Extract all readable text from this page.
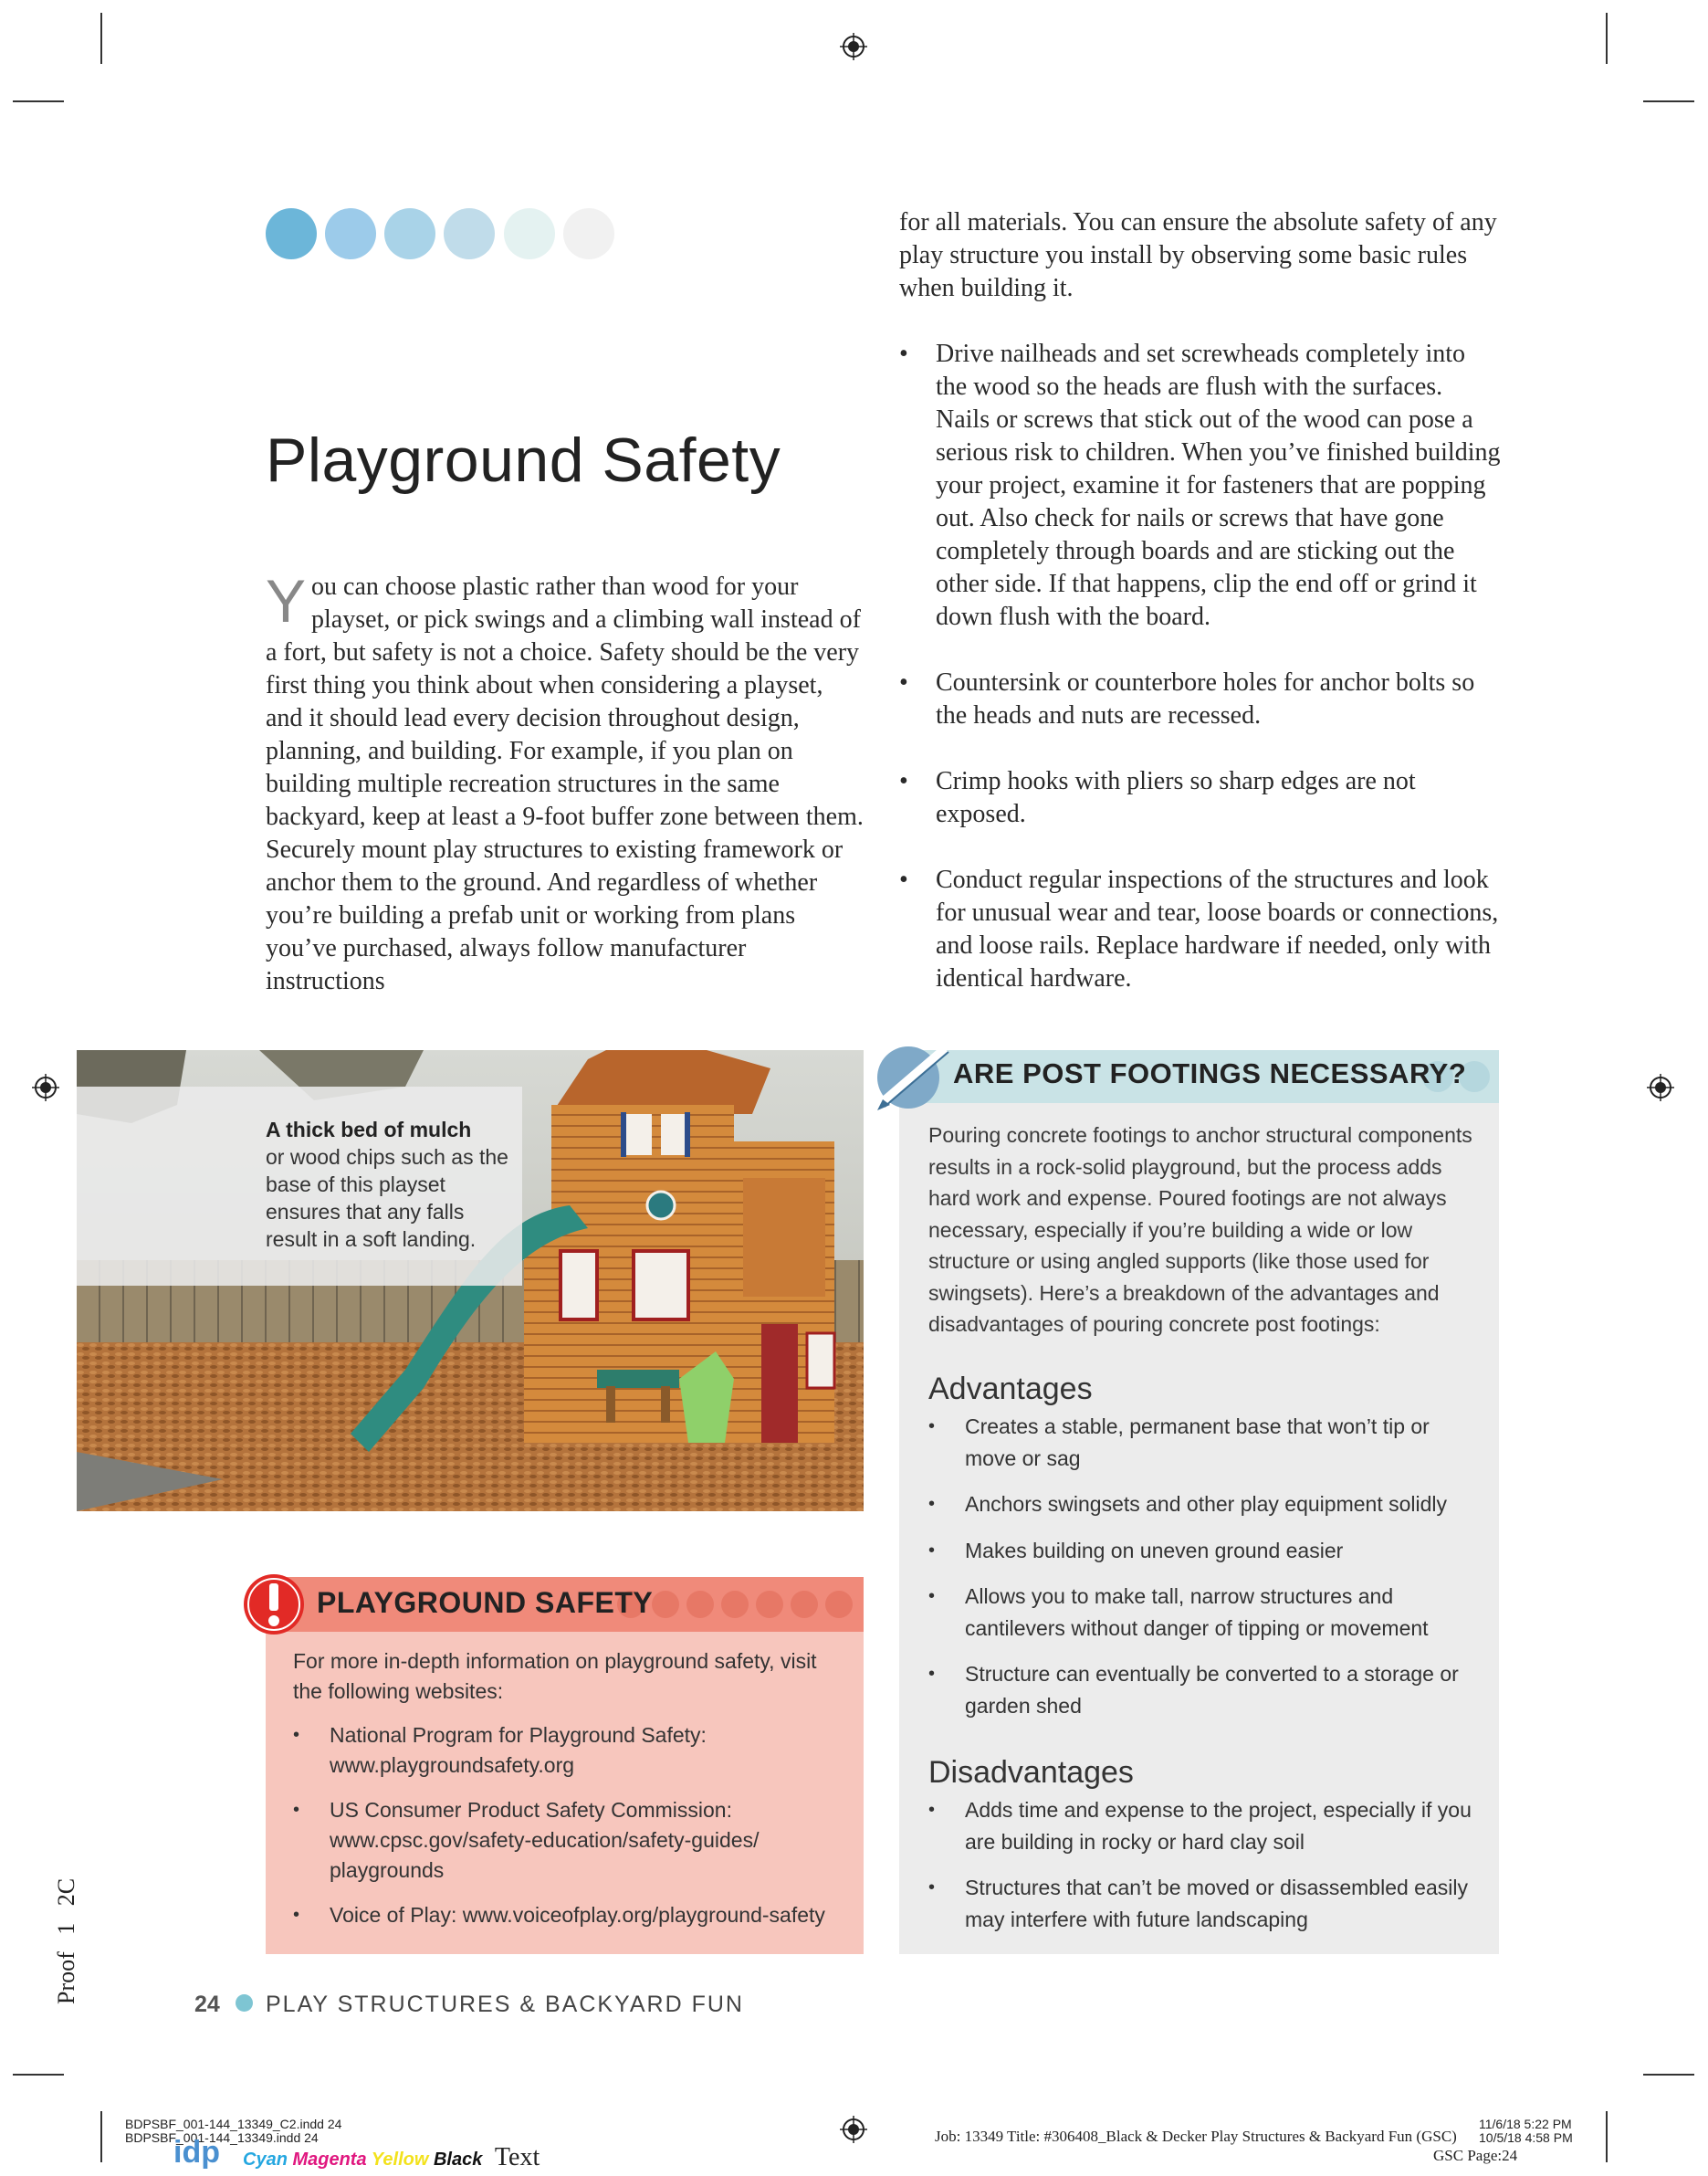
Playground Safety

You can choose plastic rather than wood for your playset, or pick swings and a climbing wall instead of a fort, but safety is not a choice. Safety should be the very first thing you think about when considering a playset, and it should lead every decision throughout design, planning, and building. For example, if you plan on building multiple recreation structures in the same backyard, keep at least a 9-foot buffer zone between them. Securely mount play structures to existing framework or anchor them to the ground. And regardless of whether you’re building a prefab unit or working from plans you’ve purchased, always follow manufacturer instructions

for all materials. You can ensure the absolute safety of any play structure you install by observing some basic rules when building it.

• Drive nailheads and set screwheads completely into the wood so the heads are flush with the surfaces. Nails or screws that stick out of the wood can pose a serious risk to children. When you’ve finished building your project, examine it for fasteners that are popping out. Also check for nails or screws that have gone completely through boards and are sticking out the other side. If that happens, clip the end off or grind it down flush with the board.
• Countersink or counterbore holes for anchor bolts so the heads and nuts are recessed.
• Crimp hooks with pliers so sharp edges are not exposed.
• Conduct regular inspections of the structures and look for unusual wear and tear, loose boards or connections, and loose rails. Replace hardware if needed, only with identical hardware.
A thick bed of mulch
or wood chips such as the base of this playset ensures that any falls result in a soft landing.
ARE POST FOOTINGS NECESSARY?
Pouring concrete footings to anchor structural components results in a rock-solid playground, but the process adds hard work and expense. Poured footings are not always necessary, especially if you’re building a wide or low structure or using angled supports (like those used for swingsets). Here’s a breakdown of the advantages and disadvantages of pouring concrete post footings:
Advantages
• Creates a stable, permanent base that won’t tip or move or sag
• Anchors swingsets and other play equipment solidly
• Makes building on uneven ground easier
• Allows you to make tall, narrow structures and cantilevers without danger of tipping or movement
• Structure can eventually be converted to a storage or garden shed
Disadvantages
• Adds time and expense to the project, especially if you are building in rocky or hard clay soil
• Structures that can’t be moved or disassembled easily may interfere with future landscaping
PLAYGROUND SAFETY
For more in-depth information on playground safety, visit the following websites:
• National Program for Playground Safety: www.playgroundsafety.org
• US Consumer Product Safety Commission: www.cpsc.gov/safety-education/safety-guides/ playgrounds
• Voice of Play: www.voiceofplay.org/playground-safety
24 PLAY STRUCTURES & BACKYARD FUN
Proof 1 2C
BDPSBF_001-144_13349_C2.indd 24
BDPSBF_001-144_13349.indd 24
idp Cyan Magenta Yellow Black Text
Job: 13349 Title: #306408_Black & Decker Play Structures & Backyard Fun (GSC)
11/6/18 5:22 PM
10/5/18 4:58 PM
GSC Page:24
